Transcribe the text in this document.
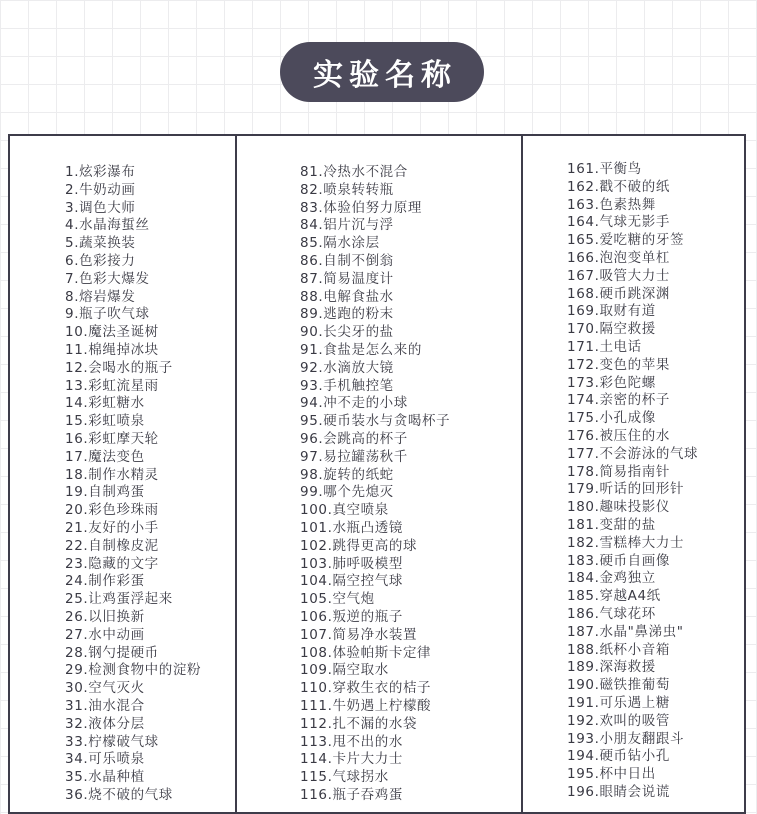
实验名称
1.炫彩瀑布
2.牛奶动画
3.调色大师
4.水晶海蜇丝
5.蔬菜换装
6.色彩接力
7.色彩大爆发
8.熔岩爆发
9.瓶子吹气球
10.魔法圣诞树
11.棉绳掉冰块
12.会喝水的瓶子
13.彩虹流星雨
14.彩虹糖水
15.彩虹喷泉
16.彩虹摩天轮
17.魔法变色
18.制作水精灵
19.自制鸡蛋
20.彩色珍珠雨
21.友好的小手
22.自制橡皮泥
23.隐藏的文字
24.制作彩蛋
25.让鸡蛋浮起来
26.以旧换新
27.水中动画
28.钢勺提硬币
29.检测食物中的淀粉
30.空气灭火
31.油水混合
32.液体分层
33.柠檬破气球
34.可乐喷泉
35.水晶种植
36.烧不破的气球
81.冷热水不混合
82.喷泉转转瓶
83.体验伯努力原理
84.铝片沉与浮
85.隔水涂层
86.自制不倒翁
87.简易温度计
88.电解食盐水
89.逃跑的粉末
90.长尖牙的盐
91.食盐是怎么来的
92.水滴放大镜
93.手机触控笔
94.冲不走的小球
95.硬币装水与贪喝杯子
96.会跳高的杯子
97.易拉罐荡秋千
98.旋转的纸蛇
99.哪个先熄灭
100.真空喷泉
101.水瓶凸透镜
102.跳得更高的球
103.肺呼吸模型
104.隔空控气球
105.空气炮
106.叛逆的瓶子
107.简易净水装置
108.体验帕斯卡定律
109.隔空取水
110.穿救生衣的桔子
111.牛奶遇上柠檬酸
112.扎不漏的水袋
113.甩不出的水
114.卡片大力士
115.气球拐水
116.瓶子吞鸡蛋
161.平衡鸟
162.戳不破的纸
163.色素热舞
164.气球无影手
165.爱吃糖的牙签
166.泡泡变单杠
167.吸管大力士
168.硬币跳深渊
169.取财有道
170.隔空救援
171.土电话
172.变色的苹果
173.彩色陀螺
174.亲密的杯子
175.小孔成像
176.被压住的水
177.不会游泳的气球
178.简易指南针
179.听话的回形针
180.趣味投影仪
181.变甜的盐
182.雪糕棒大力士
183.硬币自画像
184.金鸡独立
185.穿越A4纸
186.气球花环
187.水晶"鼻涕虫"
188.纸杯小音箱
189.深海救援
190.磁铁推葡萄
191.可乐遇上糖
192.欢叫的吸管
193.小朋友翻跟斗
194.硬币钻小孔
195.杯中日出
196.眼睛会说谎
